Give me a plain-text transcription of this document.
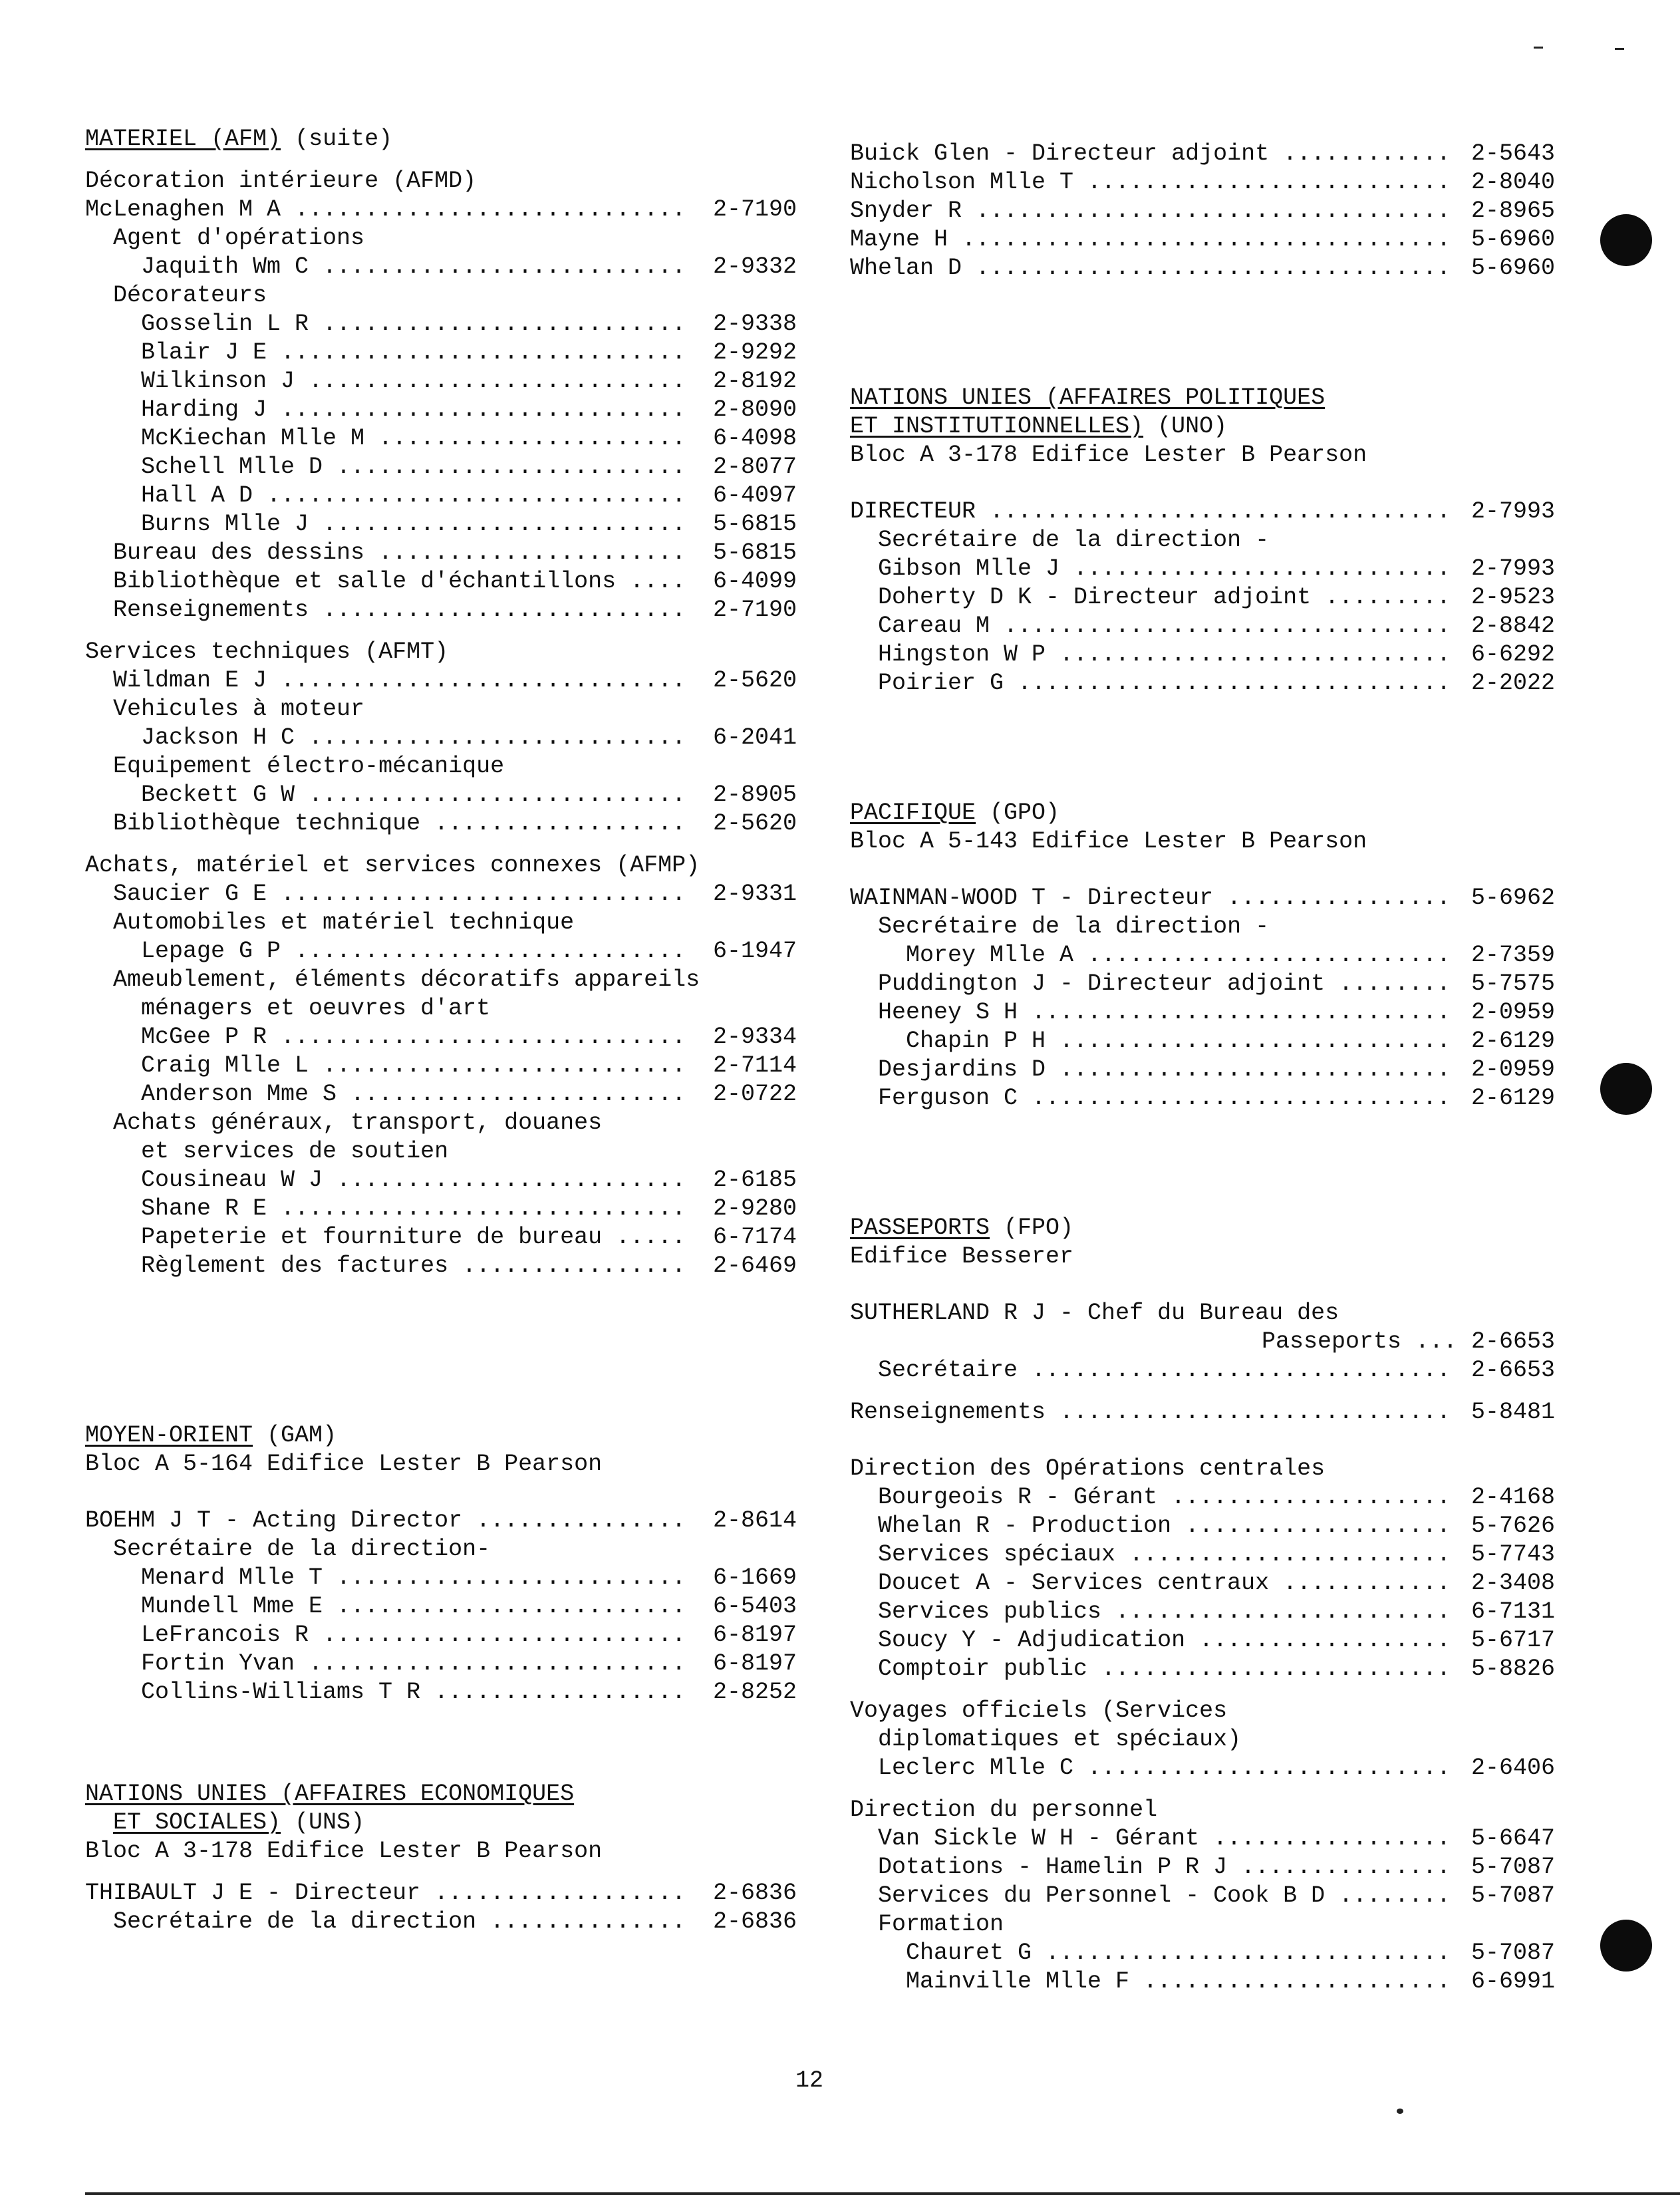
MATERIEL (AFM) (suite)
Décoration intérieure (AFMD)
McLenaghen M A ............................ 2-7190
Agent d'opérations
Jaquith Wm C .......................... 2-9332
Décorateurs
Gosselin L R .......................... 2-9338
Blair J E ............................. 2-9292
Wilkinson J ........................... 2-8192
Harding J ............................. 2-8090
McKiechan Mlle M ...................... 6-4098
Schell Mlle D ......................... 2-8077
Hall A D .............................. 6-4097
Burns Mlle J .......................... 5-6815
Bureau des dessins ...................... 5-6815
Bibliothèque et salle d'échantillons .... 6-4099
Renseignements .......................... 2-7190
Services techniques (AFMT)
Wildman E J ............................. 2-5620
Vehicules à moteur
Jackson H C ........................... 6-2041
Equipement électro-mécanique
Beckett G W ........................... 2-8905
Bibliothèque technique .................. 2-5620
Achats, matériel et services connexes (AFMP)
Saucier G E ............................. 2-9331
Automobiles et matériel technique
Lepage G P ............................ 6-1947
Ameublement, éléments décoratifs appareils
ménagers et oeuvres d'art
McGee P R ............................. 2-9334
Craig Mlle L .......................... 2-7114
Anderson Mme S ........................ 2-0722
Achats généraux, transport, douanes
et services de soutien
Cousineau W J ......................... 2-6185
Shane R E ............................. 2-9280
Papeterie et fourniture de bureau ..... 6-7174
Règlement des factures ................ 2-6469
MOYEN-ORIENT (GAM)
Bloc A 5-164 Edifice Lester B Pearson
BOEHM J T - Acting Director ............... 2-8614
Secrétaire de la direction-
Menard Mlle T ......................... 6-1669
Mundell Mme E ......................... 6-5403
LeFrancois R .......................... 6-8197
Fortin Yvan ........................... 6-8197
Collins-Williams T R .................. 2-8252
NATIONS UNIES (AFFAIRES ECONOMIQUES
ET SOCIALES) (UNS)
Bloc A 3-178 Edifice Lester B Pearson
THIBAULT J E - Directeur .................. 2-6836
Secrétaire de la direction .............. 2-6836
Buick Glen - Directeur adjoint ............ 2-5643
Nicholson Mlle T .......................... 2-8040
Snyder R .................................. 2-8965
Mayne H ................................... 5-6960
Whelan D .................................. 5-6960
NATIONS UNIES (AFFAIRES POLITIQUES
ET INSTITUTIONNELLES) (UNO)
Bloc A 3-178 Edifice Lester B Pearson
DIRECTEUR ................................. 2-7993
Secrétaire de la direction -
Gibson Mlle J ........................... 2-7993
Doherty D K - Directeur adjoint ......... 2-9523
Careau M ................................ 2-8842
Hingston W P ............................ 6-6292
Poirier G ............................... 2-2022
PACIFIQUE (GPO)
Bloc A 5-143 Edifice Lester B Pearson
WAINMAN-WOOD T - Directeur ................ 5-6962
Secrétaire de la direction -
Morey Mlle A .......................... 2-7359
Puddington J - Directeur adjoint ........ 5-7575
Heeney S H .............................. 2-0959
Chapin P H ............................ 2-6129
Desjardins D ............................ 2-0959
Ferguson C .............................. 2-6129
PASSEPORTS (FPO)
Edifice Besserer
SUTHERLAND R J - Chef du Bureau des
Passeports ... 2-6653
Secrétaire .............................. 2-6653
Renseignements ............................ 5-8481
Direction des Opérations centrales
Bourgeois R - Gérant .................... 2-4168
Whelan R - Production ................... 5-7626
Services spéciaux ....................... 5-7743
Doucet A - Services centraux ............ 2-3408
Services publics ........................ 6-7131
Soucy Y - Adjudication .................. 5-6717
Comptoir public ......................... 5-8826
Voyages officiels (Services
diplomatiques et spéciaux)
Leclerc Mlle C .......................... 2-6406
Direction du personnel
Van Sickle W H - Gérant ................. 5-6647
Dotations - Hamelin P R J ............... 5-7087
Services du Personnel - Cook B D ........ 5-7087
Formation
Chauret G ............................. 5-7087
Mainville Mlle F ...................... 6-6991
12
